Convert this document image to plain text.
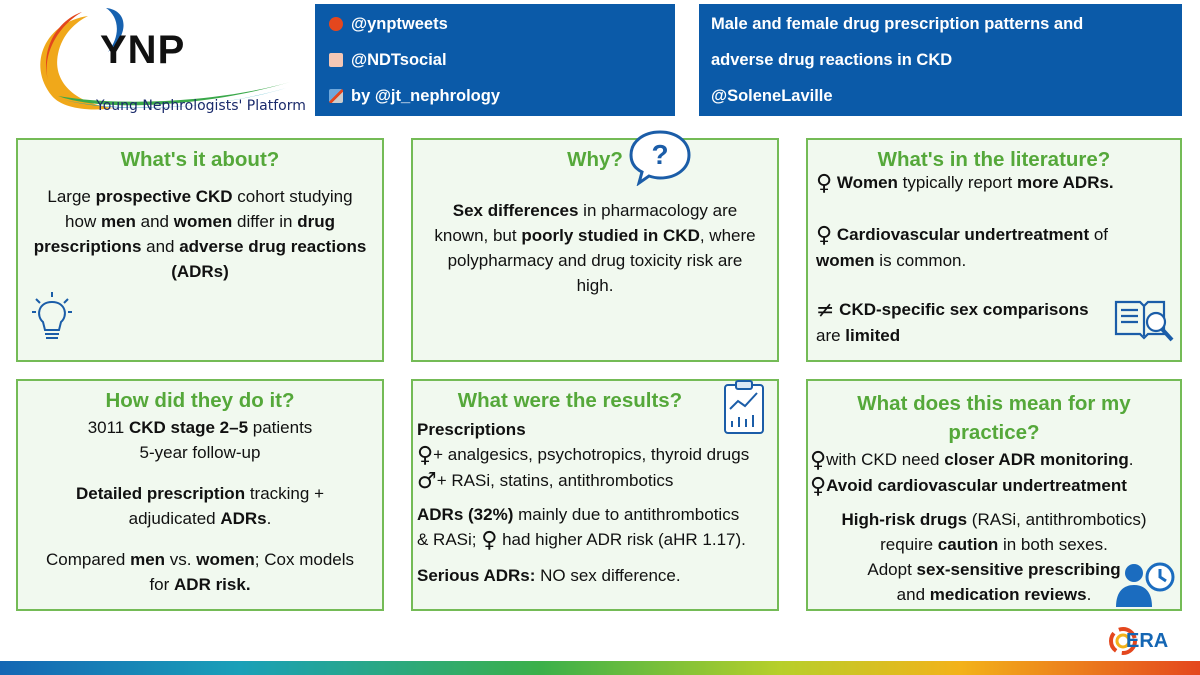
YNP
Young Nephrologists' Platform
@ynptweets
@NDTsocial
by @jt_nephrology
Male and female drug prescription patterns and
adverse drug reactions in CKD
@SoleneLaville
What's it about?
Large prospective CKD cohort studying
how men and women differ in drug
prescriptions and adverse drug reactions
(ADRs)
Why?
Sex differences in pharmacology are
known, but poorly studied in CKD, where
polypharmacy and drug toxicity risk are
high.
?	What's in the literature?
♀ Women typically report more ADRs.
♀ Cardiovascular undertreatment of
women is common.
≠ CKD-specific sex comparisons
are limited
How did they do it?
3011 CKD stage 2–5 patients
5-year follow-up
Detailed prescription tracking +
adjudicated ADRs.
Compared men vs. women; Cox models
for ADR risk.
What were the results?
Prescriptions
♀+ analgesics, psychotropics, thyroid drugs
♂+ RASi, statins, antithrombotics
ADRs (32%) mainly due to antithrombotics
& RASi; ♀ had higher ADR risk (aHR 1.17).
Serious ADRs: NO sex difference.
What does this mean for my
practice?
♀with CKD need closer ADR monitoring.
♀Avoid cardiovascular undertreatment
High-risk drugs (RASi, antithrombotics)
require caution in both sexes.
Adopt sex-sensitive prescribing
and medication reviews.
ERA
